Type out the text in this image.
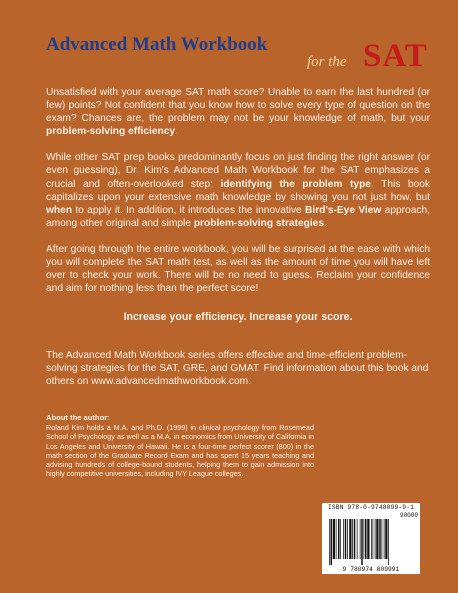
Advanced Math Workbook
for the SAT

Unsatisfied with your average SAT math score? Unable to earn the last hundred (or few) points? Not confident that you know how to solve every type of question on the exam? Chances are, the problem may not be your knowledge of math, but your problem-solving efficiency.

While other SAT prep books predominantly focus on just finding the right answer (or even guessing), Dr. Kim's Advanced Math Workbook for the SAT emphasizes a crucial and often-overlooked step: identifying the problem type. This book capitalizes upon your extensive math knowledge by showing you not just how, but when to apply it. In addition, it introduces the innovative Bird's-Eye View approach, among other original and simple problem-solving strategies.

After going through the entire workbook, you will be surprised at the ease with which you will complete the SAT math test, as well as the amount of time you will have left over to check your work. There will be no need to guess. Reclaim your confidence and aim for nothing less than the perfect score!

Increase your efficiency. Increase your score.

The Advanced Math Workbook series offers effective and time-efficient problem-solving strategies for the SAT, GRE, and GMAT. Find information about this book and others on www.advancedmathworkbook.com.

About the author:

Roland Kim holds a M.A. and Ph.D. (1999) in clinical psychology from Rosemead School of Psychology as well as a M.A. in economics from University of California in Los Angeles and University of Hawaii. He is a four-time perfect scorer (800) in the math section of the Graduate Record Exam and has spent 15 years teaching and advising hundreds of college-bound students, helping them to gain admission into highly competitive universities, including IVY League colleges.

ISBN 978-0-9748099-9-1
90000
9 780974 809991
